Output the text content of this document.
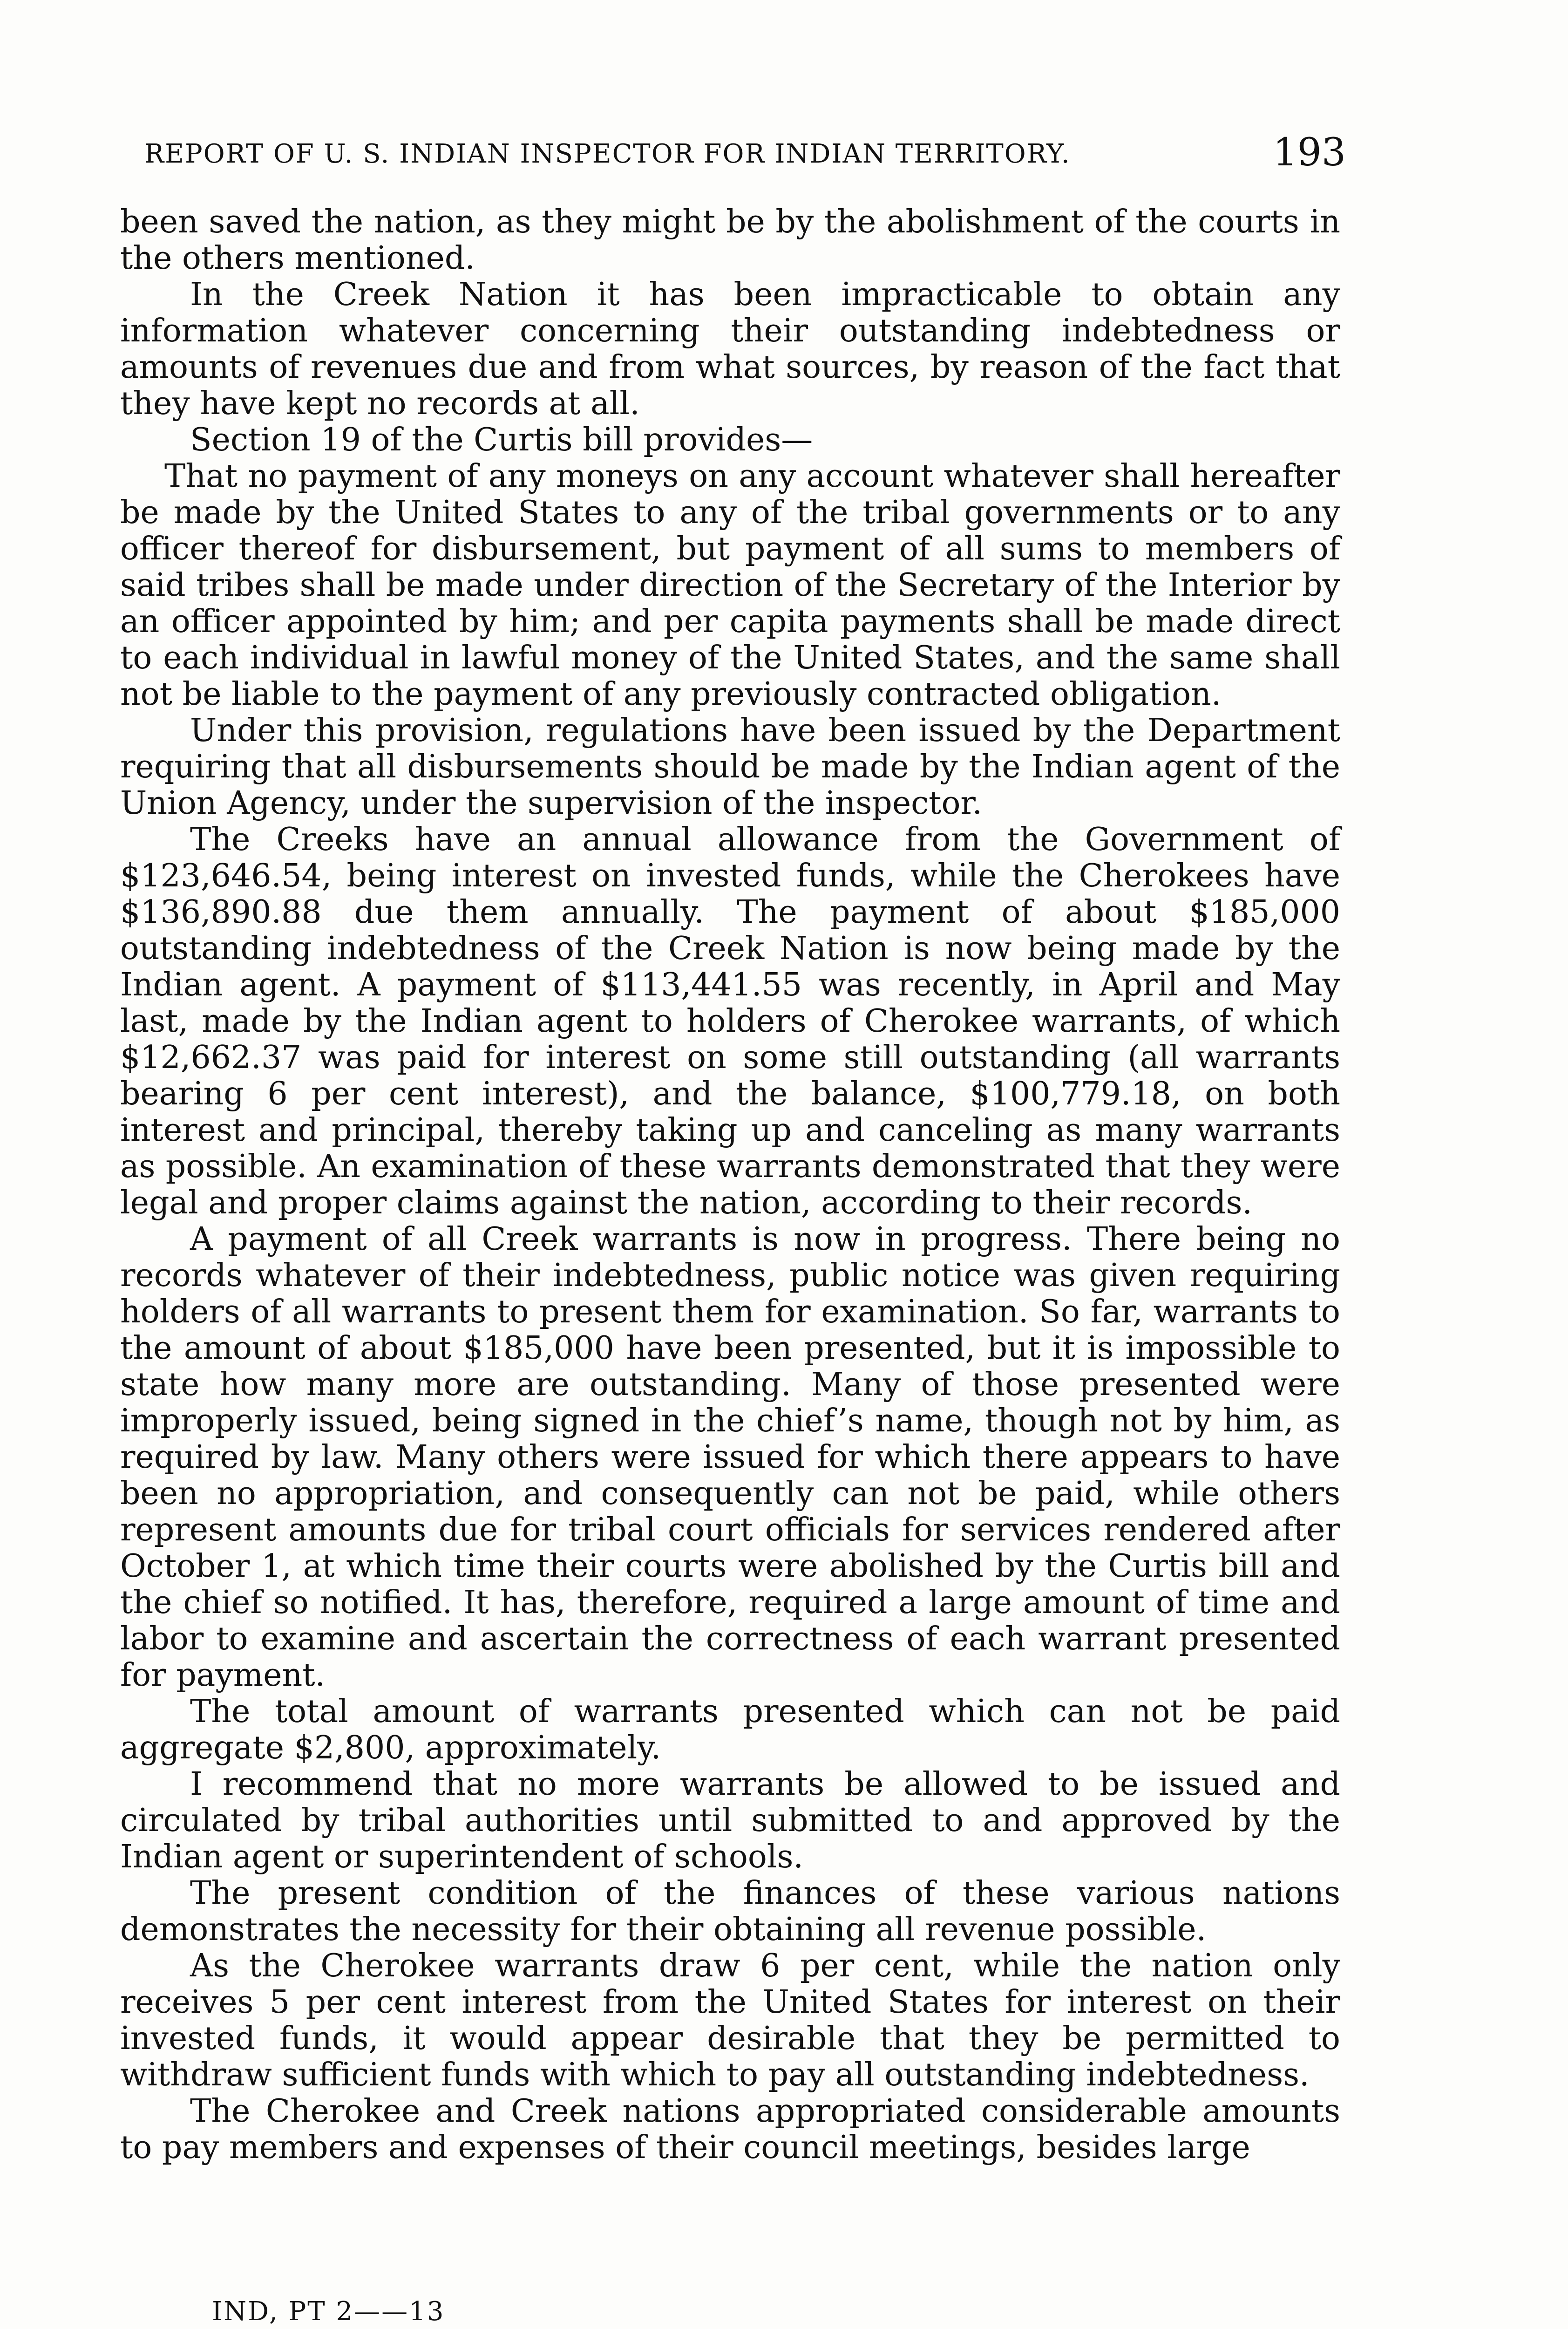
REPORT OF U. S. INDIAN INSPECTOR FOR INDIAN TERRITORY.	193

been saved the nation, as they might be by the abolishment of the courts in the others mentioned.

In the Creek Nation it has been impracticable to obtain any information whatever concerning their outstanding indebtedness or amounts of revenues due and from what sources, by reason of the fact that they have kept no records at all.

Section 19 of the Curtis bill provides—

That no payment of any moneys on any account whatever shall hereafter be made by the United States to any of the tribal governments or to any officer thereof for disbursement, but payment of all sums to members of said tribes shall be made under direction of the Secretary of the Interior by an officer appointed by him; and per capita payments shall be made direct to each individual in lawful money of the United States, and the same shall not be liable to the payment of any previously contracted obligation.

Under this provision, regulations have been issued by the Department requiring that all disbursements should be made by the Indian agent of the Union Agency, under the supervision of the inspector.

The Creeks have an annual allowance from the Government of $123,646.54, being interest on invested funds, while the Cherokees have $136,890.88 due them annually. The payment of about $185,000 outstanding indebtedness of the Creek Nation is now being made by the Indian agent. A payment of $113,441.55 was recently, in April and May last, made by the Indian agent to holders of Cherokee warrants, of which $12,662.37 was paid for interest on some still outstanding (all warrants bearing 6 per cent interest), and the balance, $100,779.18, on both interest and principal, thereby taking up and canceling as many warrants as possible. An examination of these warrants demonstrated that they were legal and proper claims against the nation, according to their records.

A payment of all Creek warrants is now in progress. There being no records whatever of their indebtedness, public notice was given requiring holders of all warrants to present them for examination. So far, warrants to the amount of about $185,000 have been presented, but it is impossible to state how many more are outstanding. Many of those presented were improperly issued, being signed in the chief’s name, though not by him, as required by law. Many others were issued for which there appears to have been no appropriation, and consequently can not be paid, while others represent amounts due for tribal court officials for services rendered after October 1, at which time their courts were abolished by the Curtis bill and the chief so notified. It has, therefore, required a large amount of time and labor to examine and ascertain the correctness of each warrant presented for payment.

The total amount of warrants presented which can not be paid aggregate $2,800, approximately.

I recommend that no more warrants be allowed to be issued and circulated by tribal authorities until submitted to and approved by the Indian agent or superintendent of schools.

The present condition of the finances of these various nations demonstrates the necessity for their obtaining all revenue possible.

As the Cherokee warrants draw 6 per cent, while the nation only receives 5 per cent interest from the United States for interest on their invested funds, it would appear desirable that they be permitted to withdraw sufficient funds with which to pay all outstanding indebtedness.

The Cherokee and Creek nations appropriated considerable amounts to pay members and expenses of their council meetings, besides large

IND, PT 2——13
